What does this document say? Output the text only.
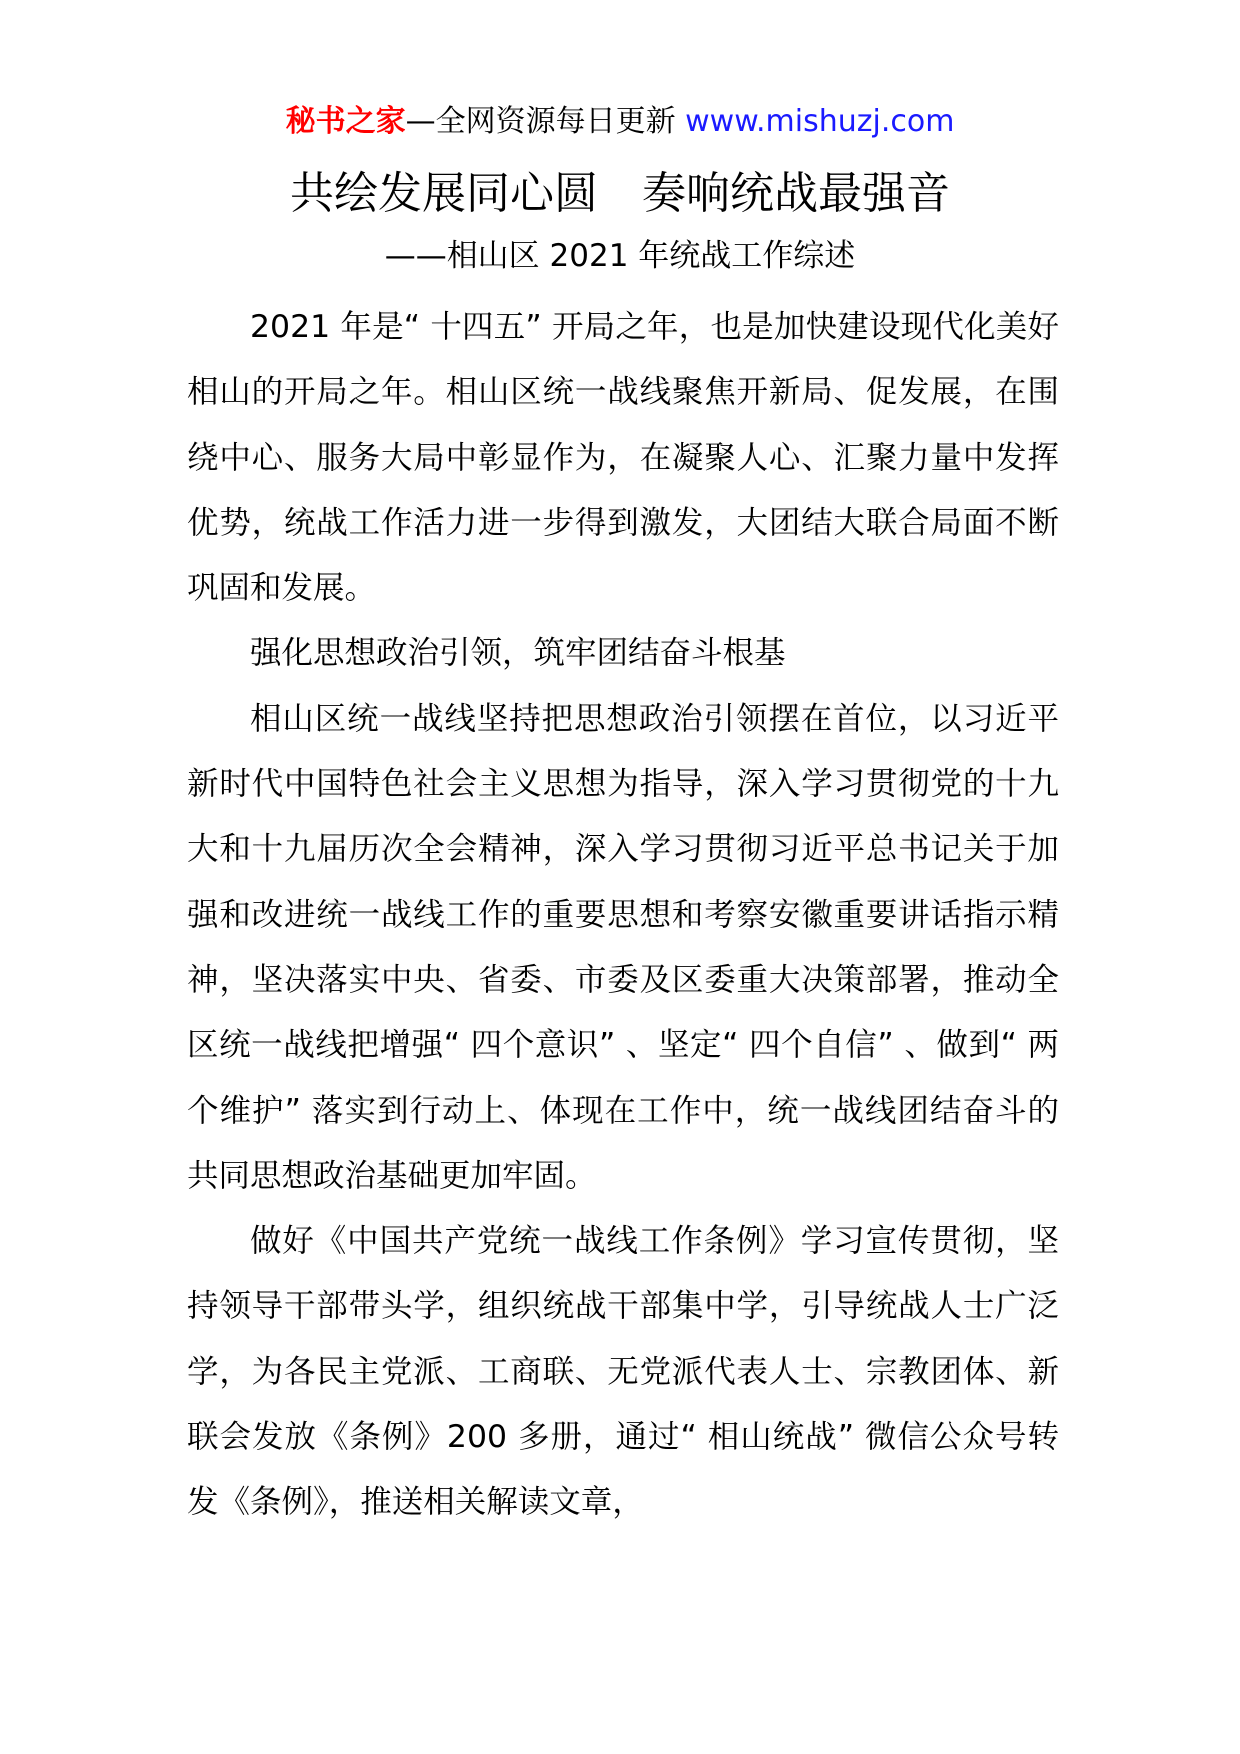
秘书之家—全网资源每日更新 www.mishuzj.com
共绘发展同心圆　奏响统战最强音
——相山区 2021 年统战工作综述

2021 年是“ 十四五” 开局之年，也是加快建设现代化美好相山的开局之年。相山区统一战线聚焦开新局、促发展，在围绕中心、服务大局中彰显作为，在凝聚人心、汇聚力量中发挥优势，统战工作活力进一步得到激发，大团结大联合局面不断巩固和发展。

强化思想政治引领，筑牢团结奋斗根基

相山区统一战线坚持把思想政治引领摆在首位，以习近平新时代中国特色社会主义思想为指导，深入学习贯彻党的十九大和十九届历次全会精神，深入学习贯彻习近平总书记关于加强和改进统一战线工作的重要思想和考察安徽重要讲话指示精神，坚决落实中央、省委、市委及区委重大决策部署，推动全区统一战线把增强“ 四个意识” 、坚定“ 四个自信” 、做到“ 两个维护” 落实到行动上、体现在工作中，统一战线团结奋斗的共同思想政治基础更加牢固。

做好《中国共产党统一战线工作条例》学习宣传贯彻，坚持领导干部带头学，组织统战干部集中学，引导统战人士广泛学，为各民主党派、工商联、无党派代表人士、宗教团体、新联会发放《条例》200 多册，通过“ 相山统战” 微信公众号转发《条例》，推送相关解读文章，
